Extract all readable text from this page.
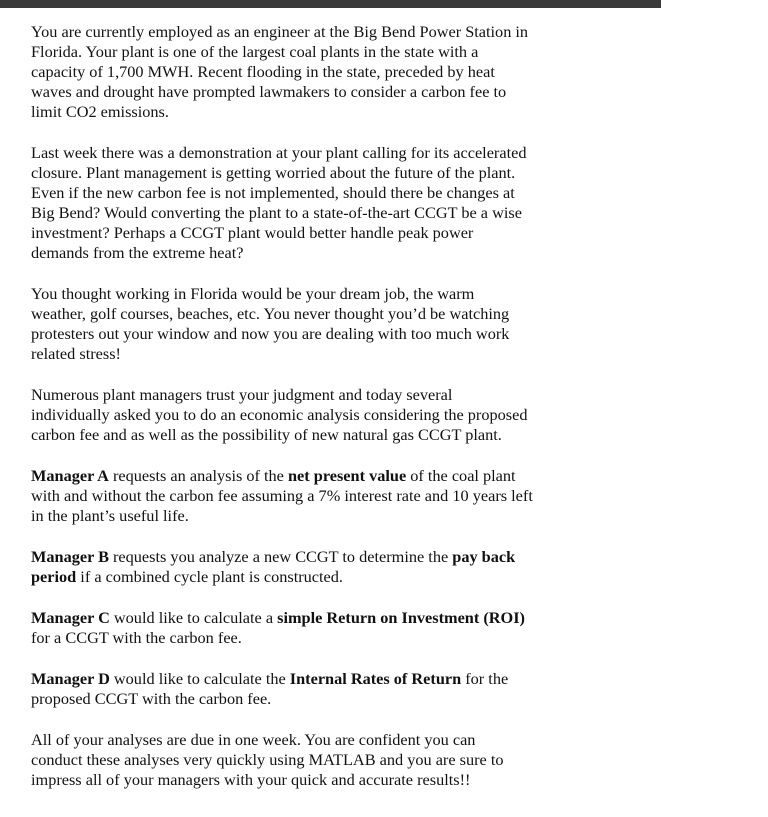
You are currently employed as an engineer at the Big Bend Power Station in
Florida. Your plant is one of the largest coal plants in the state with a
capacity of 1,700 MWH. Recent flooding in the state, preceded by heat
waves and drought have prompted lawmakers to consider a carbon fee to
limit CO2 emissions.

Last week there was a demonstration at your plant calling for its accelerated
closure. Plant management is getting worried about the future of the plant.
Even if the new carbon fee is not implemented, should there be changes at
Big Bend? Would converting the plant to a state-of-the-art CCGT be a wise
investment? Perhaps a CCGT plant would better handle peak power
demands from the extreme heat?

You thought working in Florida would be your dream job, the warm
weather, golf courses, beaches, etc. You never thought you’d be watching
protesters out your window and now you are dealing with too much work
related stress!

Numerous plant managers trust your judgment and today several
individually asked you to do an economic analysis considering the proposed
carbon fee and as well as the possibility of new natural gas CCGT plant.

Manager A requests an analysis of the net present value of the coal plant
with and without the carbon fee assuming a 7% interest rate and 10 years left
in the plant’s useful life.

Manager B requests you analyze a new CCGT to determine the pay back
period if a combined cycle plant is constructed.

Manager C would like to calculate a simple Return on Investment (ROI)
for a CCGT with the carbon fee.

Manager D would like to calculate the Internal Rates of Return for the
proposed CCGT with the carbon fee.

All of your analyses are due in one week. You are confident you can
conduct these analyses very quickly using MATLAB and you are sure to
impress all of your managers with your quick and accurate results!!
